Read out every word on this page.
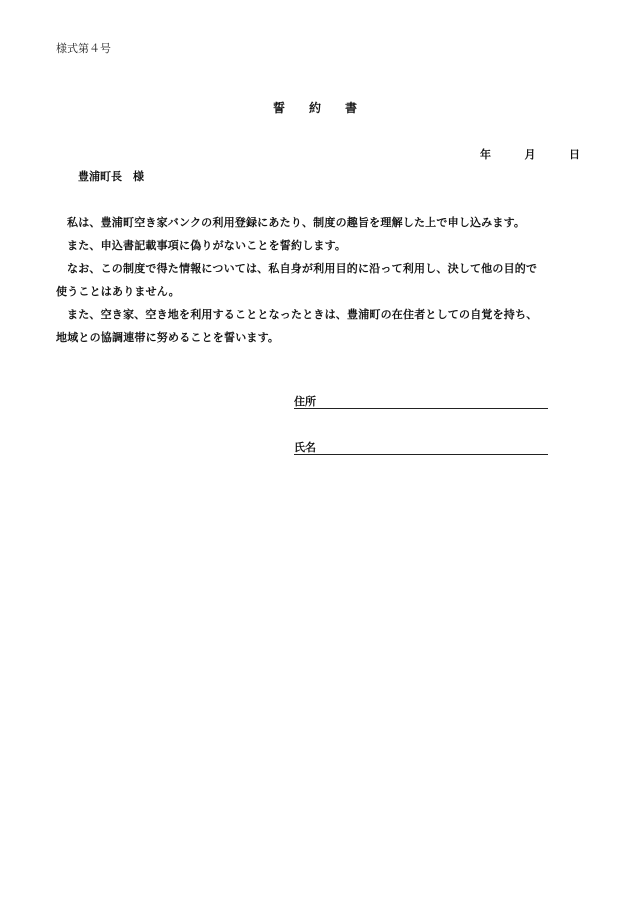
様式第４号
誓 約 書
年	月	日
豊浦町長　様

私は、豊浦町空き家バンクの利用登録にあたり、制度の趣旨を理解した上で申し込みます。

また、申込書記載事項に偽りがないことを誓約します。

なお、この制度で得た情報については、私自身が利用目的に沿って利用し、決して他の目的で

使うことはありません。

また、空き家、空き地を利用することとなったときは、豊浦町の在住者としての自覚を持ち、

地域との協調連帯に努めることを誓います。

住所
氏名
